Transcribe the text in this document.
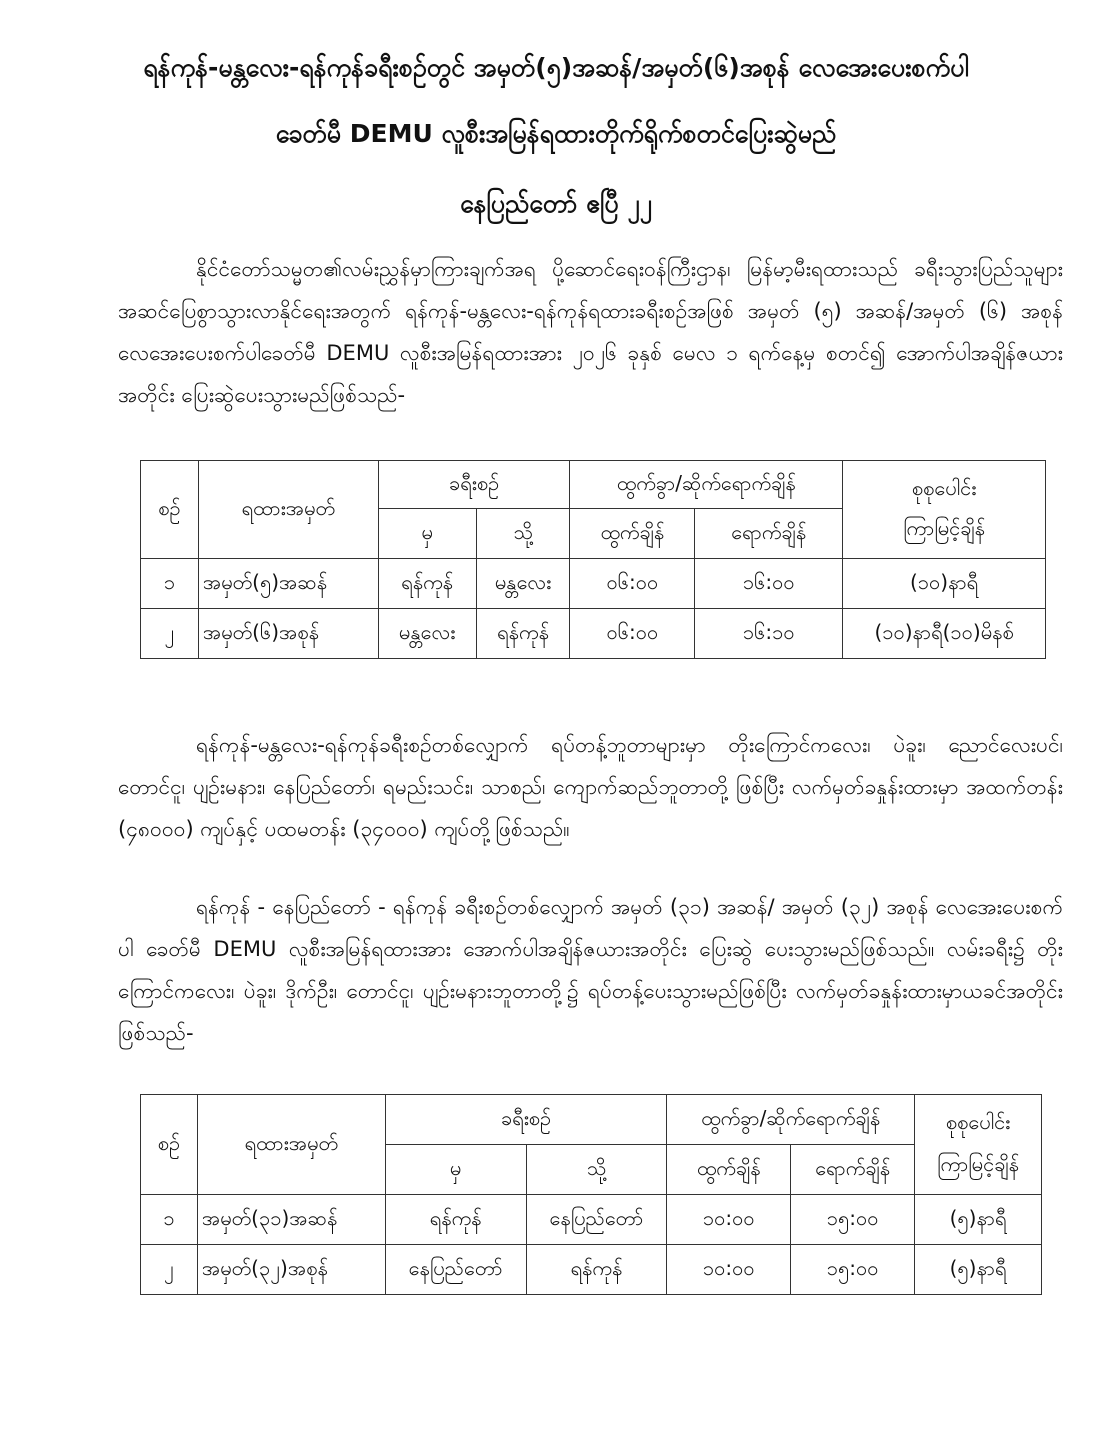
ရန်ကုန်-မန္တလေး-ရန်ကုန်ခရီးစဉ်တွင် အမှတ်(၅)အဆန်/အမှတ်(၆)အစုန် လေအေးပေးစက်ပါ
ခေတ်မီ DEMU လူစီးအမြန်ရထားတိုက်ရိုက်စတင်ပြေးဆွဲမည်
နေပြည်တော် ဧပြီ ၂၂
နိုင်ငံတော်သမ္မတ၏လမ်းညွှန်မှာကြားချက်အရ ပို့ဆောင်ရေးဝန်ကြီးဌာန၊ မြန်မာ့မီးရထားသည် ခရီးသွားပြည်သူများအဆင်ပြေစွာသွားလာနိုင်ရေးအတွက် ရန်ကုန်-မန္တလေး-ရန်ကုန်ရထားခရီးစဉ်အဖြစ် အမှတ် (၅) အဆန်/အမှတ် (၆) အစုန် လေအေးပေးစက်ပါခေတ်မီ DEMU လူစီးအမြန်ရထားအား ၂၀၂၆ ခုနှစ် မေလ ၁ ရက်နေ့မှ စတင်၍ အောက်ပါအချိန်ဇယားအတိုင်း ပြေးဆွဲပေးသွားမည်ဖြစ်သည်-
စဉ်	ရထားအမှတ်	ခရီးစဉ်		ထွက်ခွာ/ဆိုက်ရောက်ချိန်		စုစုပေါင်း
ကြာမြင့်ချိန်

		မှ	သို့	ထွက်ချိန်	ရောက်ချိန်	
၁	အမှတ်(၅)အဆန်	ရန်ကုန်	မန္တလေး	၀၆:၀၀	၁၆:၀၀	(၁၀)နာရီ
၂	အမှတ်(၆)အစုန်	မန္တလေး	ရန်ကုန်	၀၆:၀၀	၁၆:၁၀	(၁၀)နာရီ(၁၀)မိနစ်
ရန်ကုန်-မန္တလေး-ရန်ကုန်ခရီးစဉ်တစ်လျှောက် ရပ်တန့်ဘူတာများမှာ တိုးကြောင်ကလေး၊ ပဲခူး၊ ညောင်လေးပင်၊ တောင်ငူ၊ ပျဉ်းမနား၊ နေပြည်တော်၊ ရမည်းသင်း၊ သာစည်၊ ကျောက်ဆည်ဘူတာတို့ ဖြစ်ပြီး လက်မှတ်ခနှုန်းထားမှာ အထက်တန်း (၄၈၀၀၀) ကျပ်နှင့် ပထမတန်း (၃၄၀၀၀) ကျပ်တို့ဖြစ်သည်။
ရန်ကုန် - နေပြည်တော် - ရန်ကုန် ခရီးစဉ်တစ်လျှောက် အမှတ် (၃၁) အဆန်/ အမှတ် (၃၂) အစုန် လေအေးပေးစက်ပါ ခေတ်မီ DEMU လူစီးအမြန်ရထားအား အောက်ပါအချိန်ဇယားအတိုင်း ပြေးဆွဲ ပေးသွားမည်ဖြစ်သည်။ လမ်းခရီး၌ တိုးကြောင်ကလေး၊ ပဲခူး၊ ဒိုက်ဦး၊ တောင်ငူ၊ ပျဉ်းမနားဘူတာတို့၌ ရပ်တန့်ပေးသွားမည်ဖြစ်ပြီး လက်မှတ်ခနှုန်းထားမှာယခင်အတိုင်းဖြစ်သည်-
စဉ်	ရထားအမှတ်	ခရီးစဉ်		ထွက်ခွာ/ဆိုက်ရောက်ချိန်		စုစုပေါင်း
ကြာမြင့်ချိန်

		မှ	သို့	ထွက်ချိန်	ရောက်ချိန်	
၁	အမှတ်(၃၁)အဆန်	ရန်ကုန်	နေပြည်တော်	၁၀:၀၀	၁၅:၀၀	(၅)နာရီ
၂	အမှတ်(၃၂)အစုန်	နေပြည်တော်	ရန်ကုန်	၁၀:၀၀	၁၅:၀၀	(၅)နာရီ
